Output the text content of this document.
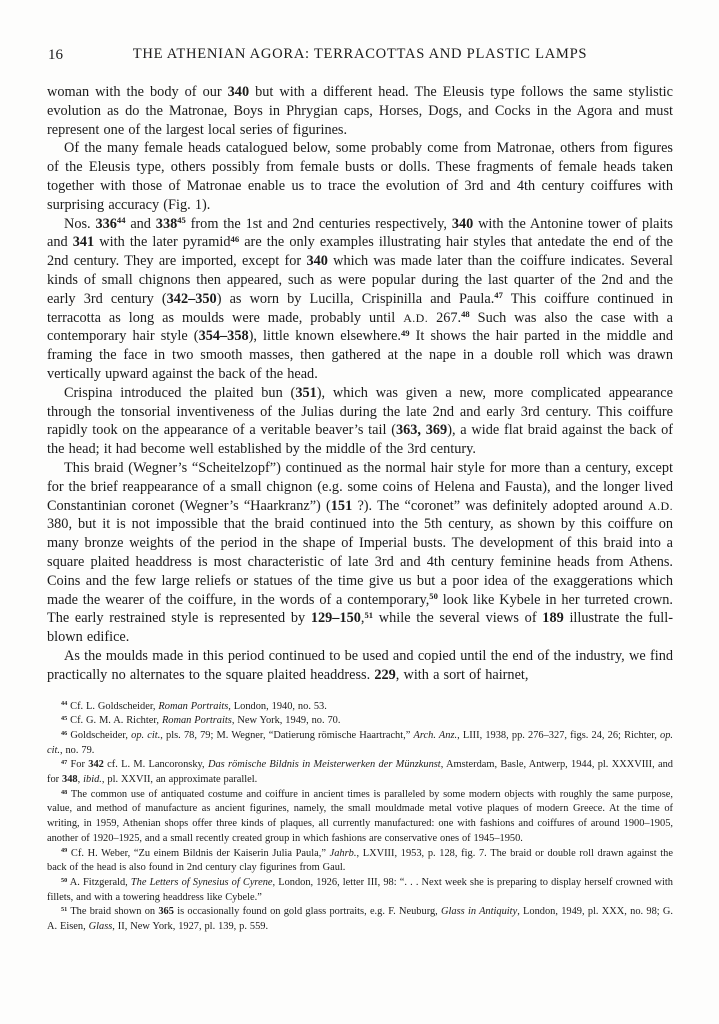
16	THE ATHENIAN AGORA: TERRACOTTAS AND PLASTIC LAMPS

woman with the body of our 340 but with a different head. The Eleusis type follows the same stylistic evolution as do the Matronae, Boys in Phrygian caps, Horses, Dogs, and Cocks in the Agora and must represent one of the largest local series of figurines.

Of the many female heads catalogued below, some probably come from Matronae, others from figures of the Eleusis type, others possibly from female busts or dolls. These fragments of female heads taken together with those of Matronae enable us to trace the evolution of 3rd and 4th century coiffures with surprising accuracy (Fig. 1).

Nos. 336$^{44}$ and 338$^{45}$ from the 1st and 2nd centuries respectively, 340 with the Antonine tower of plaits and 341 with the later pyramid$^{46}$ are the only examples illustrating hair styles that antedate the end of the 2nd century. They are imported, except for 340 which was made later than the coiffure indicates. Several kinds of small chignons then appeared, such as were popular during the last quarter of the 2nd and the early 3rd century (342–350) as worn by Lucilla, Crispinilla and Paula.$^{47}$ This coiffure continued in terracotta as long as moulds were made, probably until A.D. 267.48 Such was also the case with a contemporary hair style (354–358), little known elsewhere.$^{49}$ It shows the hair parted in the middle and framing the face in two smooth masses, then gathered at the nape in a double roll which was drawn vertically upward against the back of the head.

Crispina introduced the plaited bun (351), which was given a new, more complicated appearance through the tonsorial inventiveness of the Julias during the late 2nd and early 3rd century. This coiffure rapidly took on the appearance of a veritable beaver’s tail (363, 369), a wide flat braid against the back of the head; it had become well established by the middle of the 3rd century.

This braid (Wegner’s “Scheitelzopf”) continued as the normal hair style for more than a century, except for the brief reappearance of a small chignon (e.g. some coins of Helena and Fausta), and the longer lived Constantinian coronet (Wegner’s “Haarkranz”) (151 ?). The “coronet” was definitely adopted around A.D. 380, but it is not impossible that the braid continued into the 5th century, as shown by this coiffure on many bronze weights of the period in the shape of Imperial busts. The development of this braid into a square plaited headdress is most characteristic of late 3rd and 4th century feminine heads from Athens. Coins and the few large reliefs or statues of the time give us but a poor idea of the exaggerations which made the wearer of the coiffure, in the words of a contemporary,$^{50}$ look like Kybele in her turreted crown. The early restrained style is represented by 129–150,51 while the several views of 189 illustrate the full-blown edifice.

As the moulds made in this period continued to be used and copied until the end of the industry, we find practically no alternates to the square plaited headdress. 229, with a sort of hairnet,

$^{44}$ Cf. L. Goldscheider, Roman Portraits, London, 1940, no. 53.

$^{45}$ Cf. G. M. A. Richter, Roman Portraits, New York, 1949, no. 70.

$^{46}$ Goldscheider, op. cit., pls. 78, 79; M. Wegner, “Datierung römische Haartracht,” Arch. Anz., LIII, 1938, pp. 276–327, figs. 24, 26; Richter, op. cit., no. 79.

$^{47}$ For 342 cf. L. M. Lancoronsky, Das römische Bildnis in Meisterwerken der Münzkunst, Amsterdam, Basle, Antwerp, 1944, pl. XXXVIII, and for 348, ibid., pl. XXVII, an approximate parallel.

$^{48}$ The common use of antiquated costume and coiffure in ancient times is paralleled by some modern objects with roughly the same purpose, value, and method of manufacture as ancient figurines, namely, the small mouldmade metal votive plaques of modern Greece. At the time of writing, in 1959, Athenian shops offer three kinds of plaques, all currently manufactured: one with fashions and coiffures of around 1900–1905, another of 1920–1925, and a small recently created group in which fashions are conservative ones of 1945–1950.

$^{49}$ Cf. H. Weber, “Zu einem Bildnis der Kaiserin Julia Paula,” Jahrb., LXVIII, 1953, p. 128, fig. 7. The braid or double roll drawn against the back of the head is also found in 2nd century clay figurines from Gaul.

$^{50}$ A. Fitzgerald, The Letters of Synesius of Cyrene, London, 1926, letter III, 98: “. . . Next week she is preparing to display herself crowned with fillets, and with a towering headdress like Cybele.”

$^{51}$ The braid shown on 365 is occasionally found on gold glass portraits, e.g. F. Neuburg, Glass in Antiquity, London, 1949, pl. XXX, no. 98; G. A. Eisen, Glass, II, New York, 1927, pl. 139, p. 559.
